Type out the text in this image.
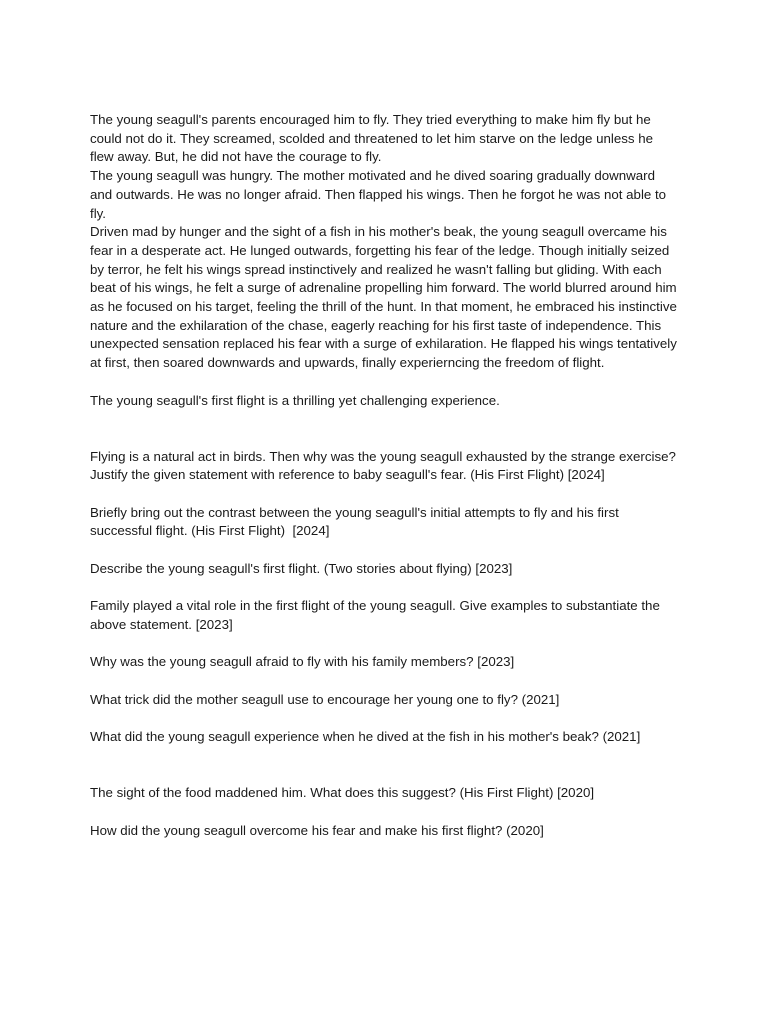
The young seagull's parents encouraged him to fly. They tried everything to make him fly but he could not do it. They screamed, scolded and threatened to let him starve on the ledge unless he flew away. But, he did not have the courage to fly.

The young seagull was hungry. The mother motivated and he dived soaring gradually downward and outwards. He was no longer afraid. Then flapped his wings. Then he forgot he was not able to fly.

Driven mad by hunger and the sight of a fish in his mother's beak, the young seagull overcame his fear in a desperate act. He lunged outwards, forgetting his fear of the ledge. Though initially seized by terror, he felt his wings spread instinctively and realized he wasn't falling but gliding. With each beat of his wings, he felt a surge of adrenaline propelling him forward. The world blurred around him as he focused on his target, feeling the thrill of the hunt. In that moment, he embraced his instinctive nature and the exhilaration of the chase, eagerly reaching for his first taste of independence. This unexpected sensation replaced his fear with a surge of exhilaration. He flapped his wings tentatively at first, then soared downwards and upwards, finally experierncing the freedom of flight.

The young seagull's first flight is a thrilling yet challenging experience.

Flying is a natural act in birds. Then why was the young seagull exhausted by the strange exercise? Justify the given statement with reference to baby seagull's fear. (His First Flight) [2024]

Briefly bring out the contrast between the young seagull's initial attempts to fly and his first successful flight. (His First Flight)  [2024]

Describe the young seagull's first flight. (Two stories about flying) [2023]

Family played a vital role in the first flight of the young seagull. Give examples to substantiate the above statement. [2023]

Why was the young seagull afraid to fly with his family members? [2023]

What trick did the mother seagull use to encourage her young one to fly? (2021]

What did the young seagull experience when he dived at the fish in his mother's beak? (2021]

The sight of the food maddened him. What does this suggest? (His First Flight) [2020]

How did the young seagull overcome his fear and make his first flight? (2020]
